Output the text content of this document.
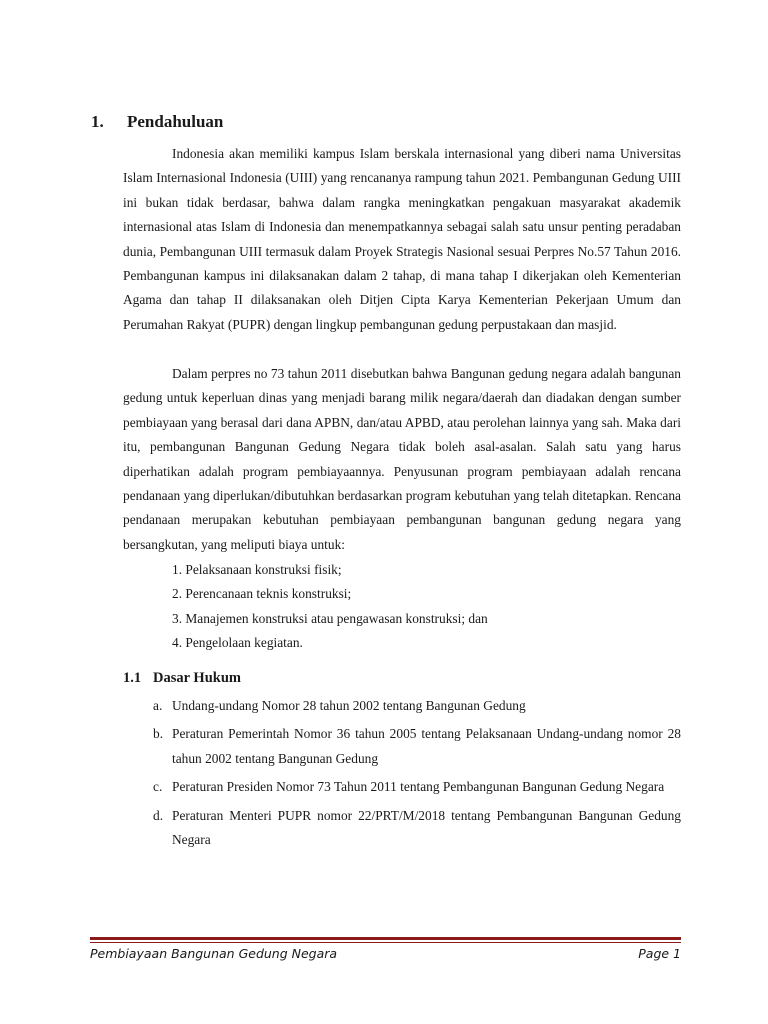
1.	Pendahuluan

Indonesia akan memiliki kampus Islam berskala internasional yang diberi nama Universitas Islam Internasional Indonesia (UIII) yang rencananya rampung tahun 2021. Pembangunan Gedung UIII ini bukan tidak berdasar, bahwa dalam rangka meningkatkan pengakuan masyarakat akademik internasional atas Islam di Indonesia dan menempatkannya sebagai salah satu unsur penting peradaban dunia, Pembangunan UIII termasuk dalam Proyek Strategis Nasional sesuai Perpres No.57 Tahun 2016. Pembangunan kampus ini dilaksanakan dalam 2 tahap, di mana tahap I dikerjakan oleh Kementerian Agama dan tahap II dilaksanakan oleh Ditjen Cipta Karya Kementerian Pekerjaan Umum dan Perumahan Rakyat (PUPR) dengan lingkup pembangunan gedung perpustakaan dan masjid.

Dalam perpres no 73 tahun 2011 disebutkan bahwa Bangunan gedung negara adalah bangunan gedung untuk keperluan dinas yang menjadi barang milik negara/daerah dan diadakan dengan sumber pembiayaan yang berasal dari dana APBN, dan/atau APBD, atau perolehan lainnya yang sah. Maka dari itu, pembangunan Bangunan Gedung Negara tidak boleh asal-asalan. Salah satu yang harus diperhatikan adalah program pembiayaannya. Penyusunan program pembiayaan adalah rencana pendanaan yang diperlukan/dibutuhkan berdasarkan program kebutuhan yang telah ditetapkan. Rencana pendanaan merupakan kebutuhan pembiayaan pembangunan bangunan gedung negara yang bersangkutan, yang meliputi biaya untuk:

1. Pelaksanaan konstruksi fisik;
2. Perencanaan teknis konstruksi;
3. Manajemen konstruksi atau pengawasan konstruksi; dan
4. Pengelolaan kegiatan.
1.1 Dasar Hukum
a. Undang-undang Nomor 28 tahun 2002 tentang Bangunan Gedung
b. Peraturan Pemerintah Nomor 36 tahun 2005 tentang Pelaksanaan Undang-undang nomor 28 tahun 2002 tentang Bangunan Gedung
c. Peraturan Presiden Nomor 73 Tahun 2011 tentang Pembangunan Bangunan Gedung Negara
d. Peraturan Menteri PUPR nomor 22/PRT/M/2018 tentang Pembangunan Bangunan Gedung Negara
Pembiayaan Bangunan Gedung Negara	Page 1
